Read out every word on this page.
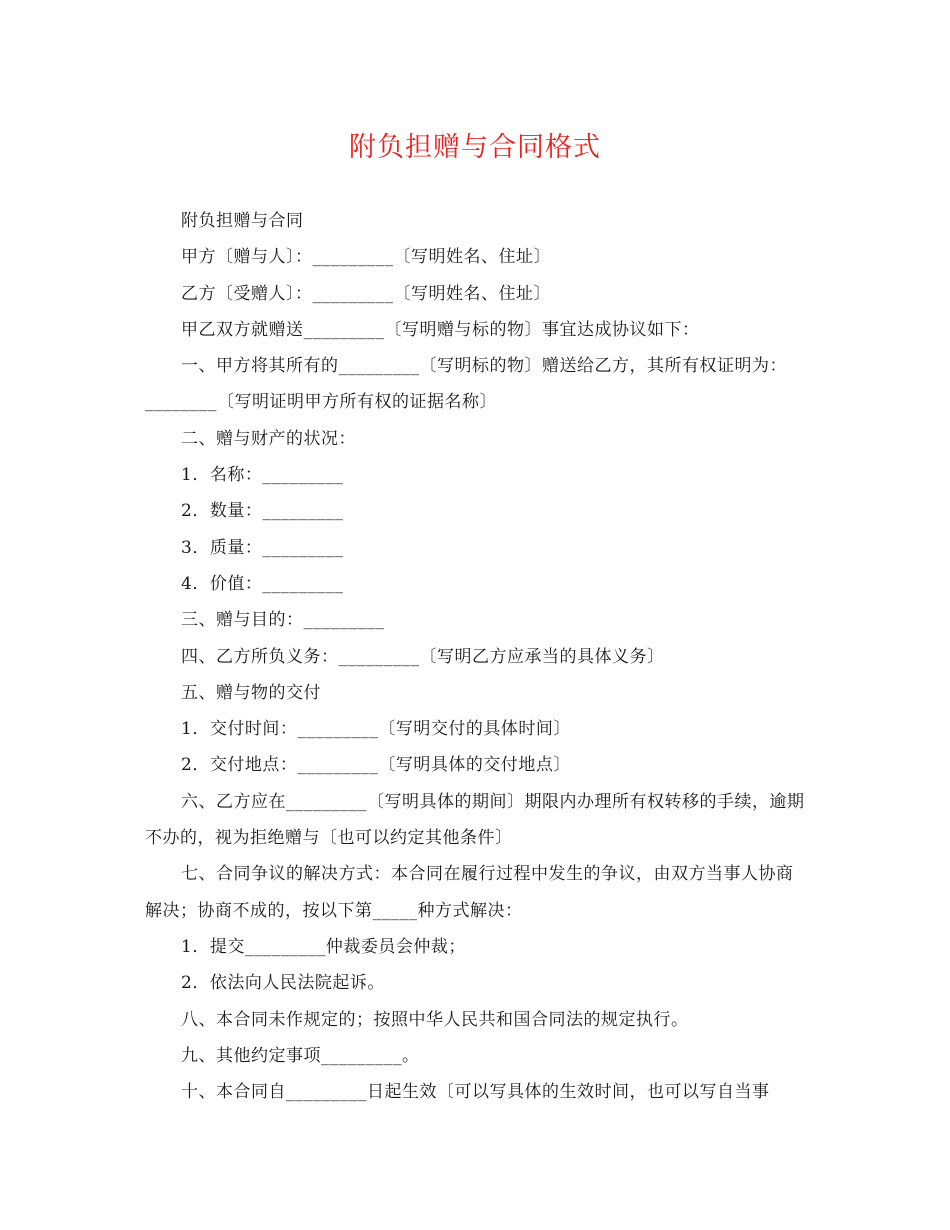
附负担赠与合同格式

附负担赠与合同

甲方〔赠与人〕：_________〔写明姓名、住址〕

乙方〔受赠人〕：_________〔写明姓名、住址〕

甲乙双方就赠送_________〔写明赠与标的物〕事宜达成协议如下：

一、甲方将其所有的_________〔写明标的物〕赠送给乙方，其所有权证明为：________〔写明证明甲方所有权的证据名称〕

二、赠与财产的状况：

1．名称：_________

2．数量：_________

3．质量：_________

4．价值：_________

三、赠与目的：_________

四、乙方所负义务：_________〔写明乙方应承当的具体义务〕

五、赠与物的交付

1．交付时间：_________〔写明交付的具体时间〕

2．交付地点：_________〔写明具体的交付地点〕

六、乙方应在_________〔写明具体的期间〕期限内办理所有权转移的手续，逾期不办的，视为拒绝赠与〔也可以约定其他条件〕

七、合同争议的解决方式：本合同在履行过程中发生的争议，由双方当事人协商解决；协商不成的，按以下第_____种方式解决：

1．提交_________仲裁委员会仲裁；

2．依法向人民法院起诉。

八、本合同未作规定的；按照中华人民共和国合同法的规定执行。

九、其他约定事项_________。

十、本合同自_________日起生效〔可以写具体的生效时间，也可以写自当事
